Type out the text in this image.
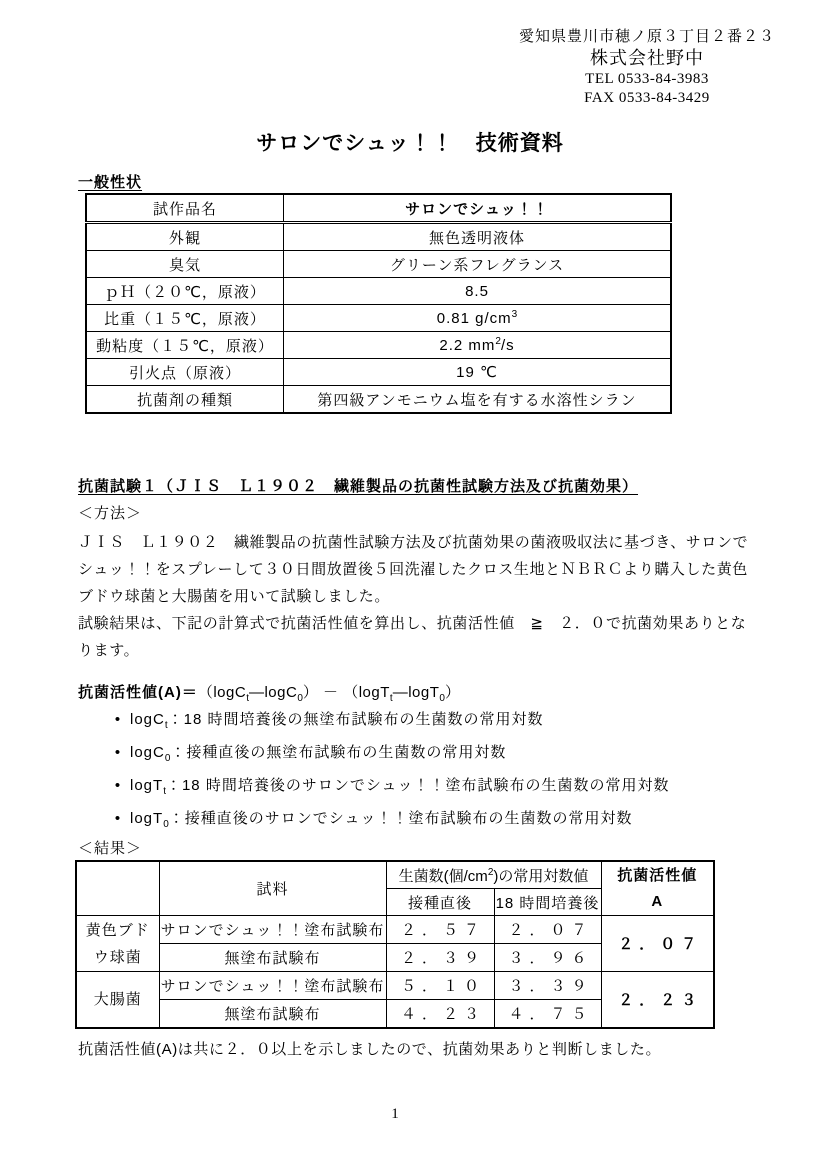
愛知県豊川市穂ノ原３丁目２番２３
株式会社野中
TEL 0533-84-3983
FAX 0533-84-3429
サロンでシュッ！！　技術資料
一般性状
試作品名	サロンでシュッ！！
外観	無色透明液体
臭気	グリーン系フレグランス
ｐＨ（２０℃，原液）	8.5
比重（１５℃，原液）	0.81 $g/cm^3$
動粘度（１５℃，原液）	2.2 $mm^2/s$
引火点（原液）	19 ℃
抗菌剤の種類	第四級アンモニウム塩を有する水溶性シラン
抗菌試験１（ＪＩＳ　Ｌ１９０２　繊維製品の抗菌性試験方法及び抗菌効果）
＜方法＞
ＪＩＳ　Ｌ１９０２　繊維製品の抗菌性試験方法及び抗菌効果の菌液吸収法に基づき、サロンで
シュッ！！をスプレーして３０日間放置後５回洗濯したクロス生地とＮＢＲＣより購入した黄色
ブドウ球菌と大腸菌を用いて試験しました。
試験結果は、下記の計算式で抗菌活性値を算出し、抗菌活性値　≧　２．０で抗菌効果ありとな
ります。
抗菌活性値(A)＝（logC$_t$―logC$_0$） － （logT$_t$―logT$_0$）
• logC$_t$：18 時間培養後の無塗布試験布の生菌数の常用対数
• logC$_0$：接種直後の無塗布試験布の生菌数の常用対数
• logT$_t$：18 時間培養後のサロンでシュッ！！塗布試験布の生菌数の常用対数
• logT$_0$：接種直後のサロンでシュッ！！塗布試験布の生菌数の常用対数
＜結果＞
	試料	生菌数(個$/cm^2$)の常用対数値		抗菌活性値
A

		接種直後	18 時間培養後	

黄色ブド
ウ球菌	サロンでシュッ！！塗布試験布	２．５７	２．０７	２．０７
	無塗布試験布	２．３９	３．９６	

大腸菌	サロンでシュッ！！塗布試験布	５．１０	３．３９	２．２３
	無塗布試験布	４．２３	４．７５	
抗菌活性値(A)は共に２．０以上を示しましたので、抗菌効果ありと判断しました。
1
